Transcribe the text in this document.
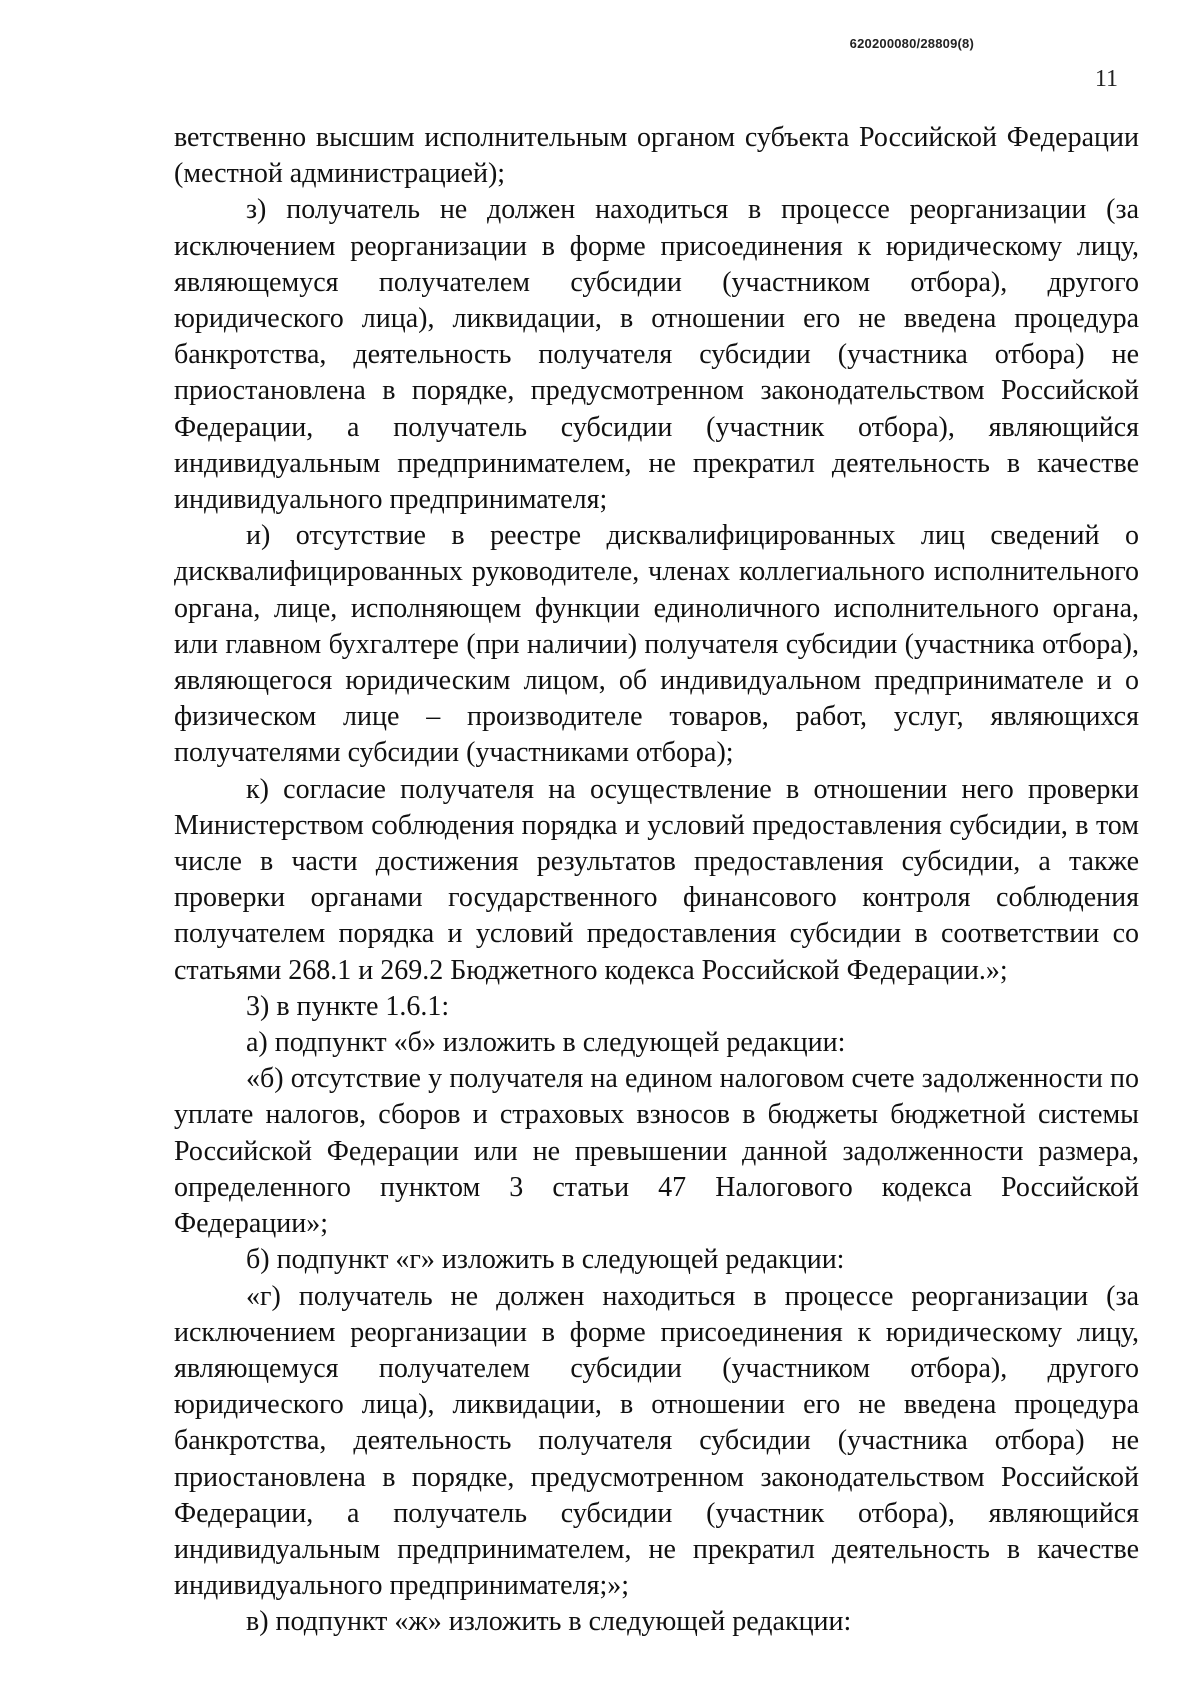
620200080/28809(8)
11

ветственно высшим исполнительным органом субъекта Российской Федерации (местной администрацией);

з) получатель не должен находиться в процессе реорганизации (за исключением реорганизации в форме присоединения к юридическому лицу, являющемуся получателем субсидии (участником отбора), другого юридического лица), ликвидации, в отношении его не введена процедура банкротства, деятельность получателя субсидии (участника отбора) не приостановлена в порядке, предусмотренном законодательством Российской Федерации, а получатель субсидии (участник отбора), являющийся индивидуальным предпринимателем, не прекратил деятельность в качестве индивидуального предпринимателя;

и) отсутствие в реестре дисквалифицированных лиц сведений о дисквалифицированных руководителе, членах коллегиального исполнительного органа, лице, исполняющем функции единоличного исполнительного органа, или главном бухгалтере (при наличии) получателя субсидии (участника отбора), являющегося юридическим лицом, об индивидуальном предпринимателе и о физическом лице – производителе товаров, работ, услуг, являющихся получателями субсидии (участниками отбора);

к) согласие получателя на осуществление в отношении него проверки Министерством соблюдения порядка и условий предоставления субсидии, в том числе в части достижения результатов предоставления субсидии, а также проверки органами государственного финансового контроля соблюдения получателем порядка и условий предоставления субсидии в соответствии со статьями 268.1 и 269.2 Бюджетного кодекса Российской Федерации.»;

3) в пункте 1.6.1:

а) подпункт «б» изложить в следующей редакции:

«б) отсутствие у получателя на едином налоговом счете задолженности по уплате налогов, сборов и страховых взносов в бюджеты бюджетной системы Российской Федерации или не превышении данной задолженности размера, определенного пунктом 3 статьи 47 Налогового кодекса Российской Федерации»;

б) подпункт «г» изложить в следующей редакции:

«г) получатель не должен находиться в процессе реорганизации (за исключением реорганизации в форме присоединения к юридическому лицу, являющемуся получателем субсидии (участником отбора), другого юридического лица), ликвидации, в отношении его не введена процедура банкротства, деятельность получателя субсидии (участника отбора) не приостановлена в порядке, предусмотренном законодательством Российской Федерации, а получатель субсидии (участник отбора), являющийся индивидуальным предпринимателем, не прекратил деятельность в качестве индивидуального предпринимателя;»;

в) подпункт «ж» изложить в следующей редакции:
